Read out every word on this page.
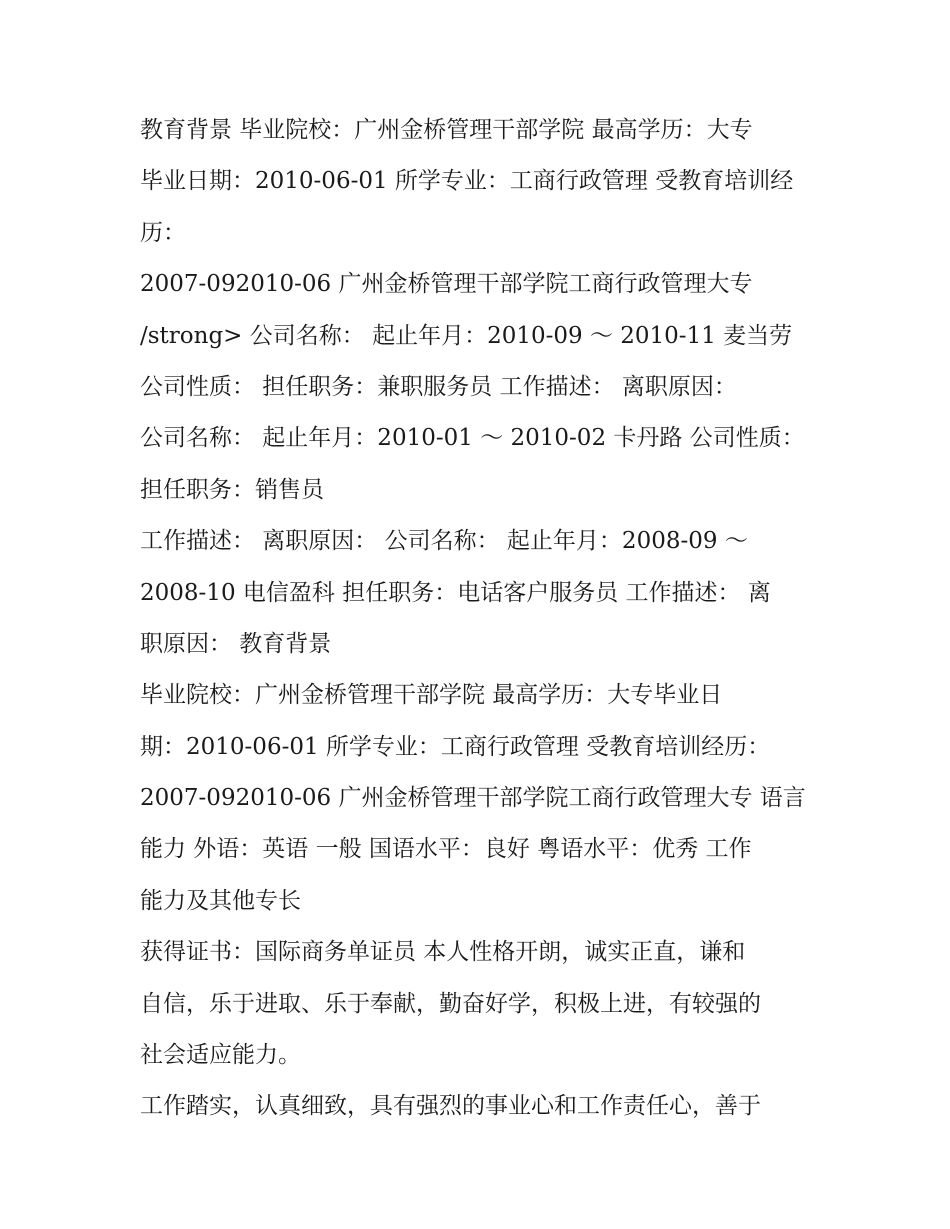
教育背景 毕业院校：广州金桥管理干部学院 最高学历：大专
毕业日期：2010-06-01 所学专业：工商行政管理 受教育培训经
历：
2007-092010-06 广州金桥管理干部学院工商行政管理大专
/strong> 公司名称： 起止年月：2010-09 ～ 2010-11 麦当劳
公司性质： 担任职务：兼职服务员 工作描述： 离职原因：
公司名称： 起止年月：2010-01 ～ 2010-02 卡丹路 公司性质：
担任职务：销售员
工作描述： 离职原因： 公司名称： 起止年月：2008-09 ～
2008-10 电信盈科 担任职务：电话客户服务员 工作描述： 离
职原因： 教育背景
毕业院校：广州金桥管理干部学院 最高学历：大专毕业日
期：2010-06-01 所学专业：工商行政管理 受教育培训经历：
2007-092010-06 广州金桥管理干部学院工商行政管理大专 语言
能力 外语：英语 一般 国语水平：良好 粤语水平：优秀 工作
能力及其他专长
获得证书：国际商务单证员 本人性格开朗，诚实正直，谦和
自信，乐于进取、乐于奉献，勤奋好学，积极上进，有较强的
社会适应能力。
工作踏实，认真细致，具有强烈的事业心和工作责任心，善于
